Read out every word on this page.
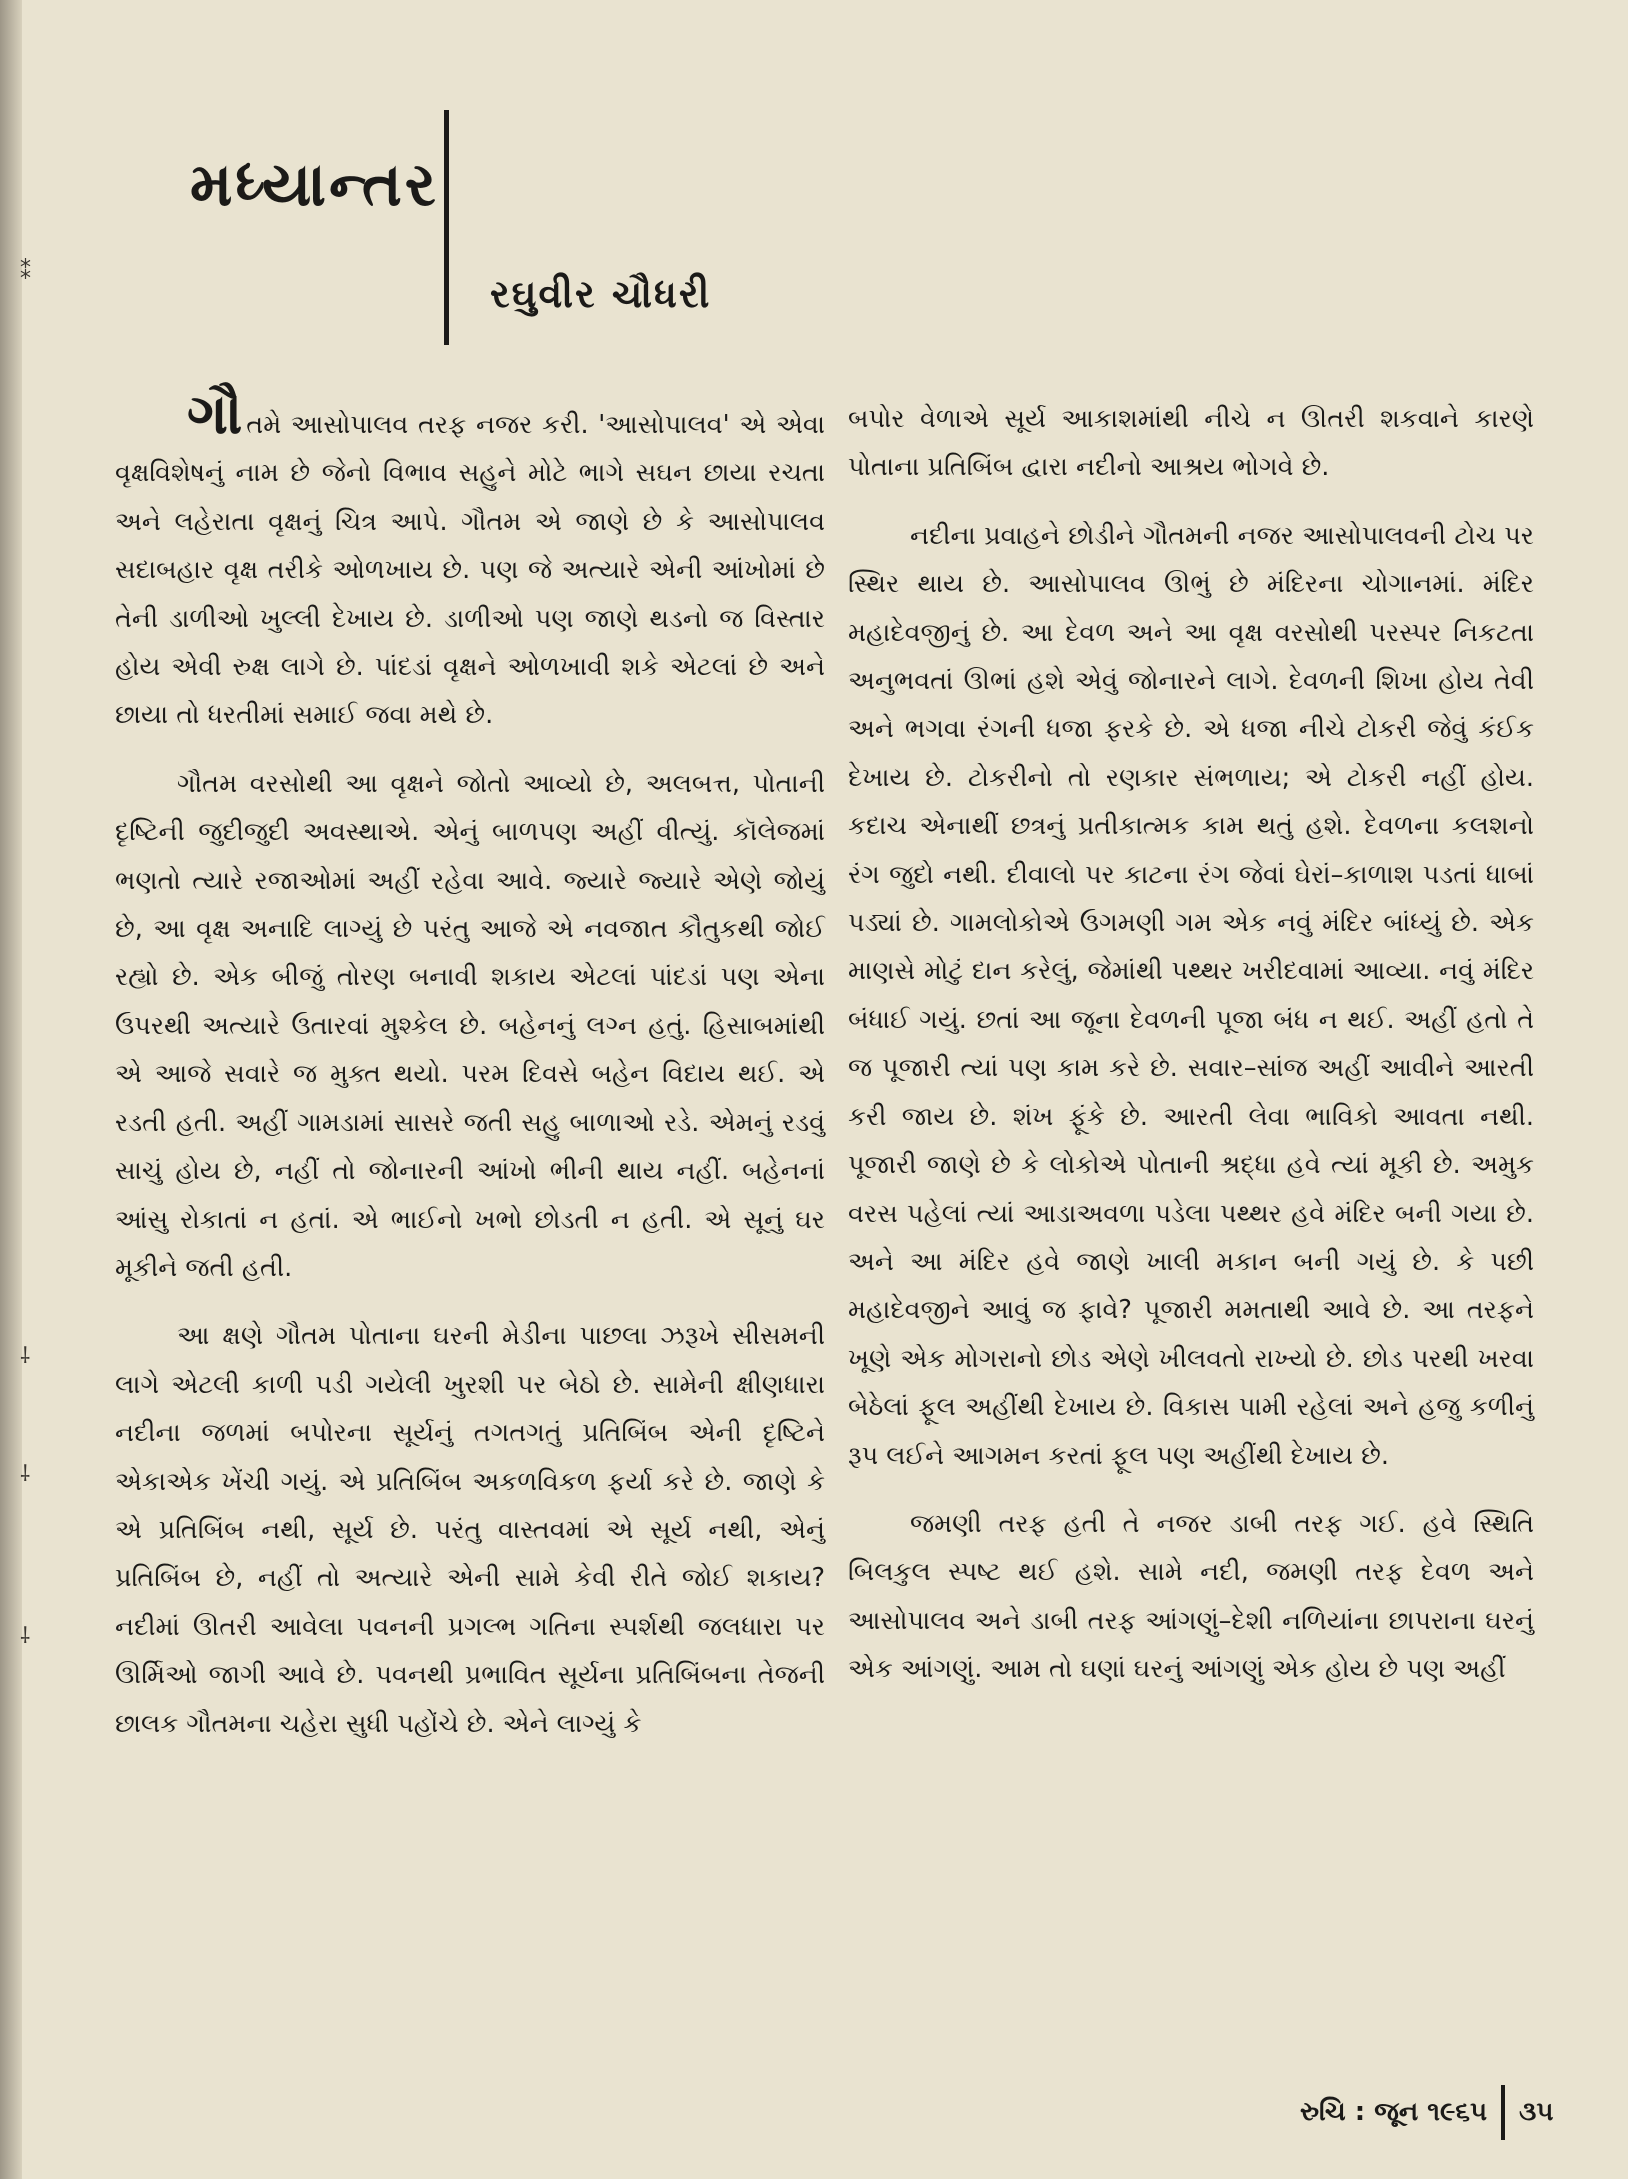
⁑
⸸
⸸
⸸
મધ્યાન્તર
રઘુવીર ચૌધરી

ગૌતમે આસોપાલવ તરફ નજર કરી. 'આસોપાલવ' એ એવા વૃક્ષવિશેષનું નામ છે જેનો વિભાવ સહુને મોટે ભાગે સઘન છાયા રચતા અને લહેરાતા વૃક્ષનું ચિત્ર આપે. ગૌતમ એ જાણે છે કે આસોપાલવ સદાબહાર વૃક્ષ તરીકે ઓળખાય છે. પણ જે અત્યારે એની આંખોમાં છે તેની ડાળીઓ ખુલ્લી દેખાય છે. ડાળીઓ પણ જાણે થડનો જ વિસ્તાર હોય એવી રુક્ષ લાગે છે. પાંદડાં વૃક્ષને ઓળખાવી શકે એટલાં છે અને છાયા તો ધરતીમાં સમાઈ જવા મથે છે.

ગૌતમ વરસોથી આ વૃક્ષને જોતો આવ્યો છે, અલબત્ત, પોતાની દૃષ્ટિની જુદીજુદી અવસ્થાએ. એનું બાળપણ અહીં વીત્યું. કૉલેજમાં ભણતો ત્યારે રજાઓમાં અહીં રહેવા આવે. જ્યારે જ્યારે એણે જોયું છે, આ વૃક્ષ અનાદિ લાગ્યું છે પરંતુ આજે એ નવજાત કૌતુકથી જોઈ રહ્યો છે. એક બીજું તોરણ બનાવી શકાય એટલાં પાંદડાં પણ એના ઉપરથી અત્યારે ઉતારવાં મુશ્કેલ છે. બહેનનું લગ્ન હતું. હિસાબમાંથી એ આજે સવારે જ મુક્ત થયો. પરમ દિવસે બહેન વિદાય થઈ. એ રડતી હતી. અહીં ગામડામાં સાસરે જતી સહુ બાળાઓ રડે. એમનું રડવું સાચું હોય છે, નહીં તો જોનારની આંખો ભીની થાય નહીં. બહેનનાં આંસુ રોકાતાં ન હતાં. એ ભાઈનો ખભો છોડતી ન હતી. એ સૂનું ઘર મૂકીને જતી હતી.

આ ક્ષણે ગૌતમ પોતાના ઘરની મેડીના પાછલા ઝરૂખે સીસમની લાગે એટલી કાળી પડી ગયેલી ખુરશી પર બેઠો છે. સામેની ક્ષીણધારા નદીના જળમાં બપોરના સૂર્યનું તગતગતું પ્રતિબિંબ એની દૃષ્ટિને એકાએક ખેંચી ગયું. એ પ્રતિબિંબ અકળવિકળ ફર્યા કરે છે. જાણે કે એ પ્રતિબિંબ નથી, સૂર્ય છે. પરંતુ વાસ્તવમાં એ સૂર્ય નથી, એનું પ્રતિબિંબ છે, નહીં તો અત્યારે એની સામે કેવી રીતે જોઈ શકાય? નદીમાં ઊતરી આવેલા પવનની પ્રગલ્ભ ગતિના સ્પર્શથી જલધારા પર ઊર્મિઓ જાગી આવે છે. પવનથી પ્રભાવિત સૂર્યના પ્રતિબિંબના તેજની છાલક ગૌતમના ચહેરા સુધી પહોંચે છે. એને લાગ્યું કે

બપોર વેળાએ સૂર્ય આકાશમાંથી નીચે ન ઊતરી શકવાને કારણે પોતાના પ્રતિબિંબ દ્વારા નદીનો આશ્રય ભોગવે છે.

નદીના પ્રવાહને છોડીને ગૌતમની નજર આસોપાલવની ટોચ પર સ્થિર થાય છે. આસોપાલવ ઊભું છે મંદિરના ચોગાનમાં. મંદિર મહાદેવજીનું છે. આ દેવળ અને આ વૃક્ષ વરસોથી પરસ્પર નિકટતા અનુભવતાં ઊભાં હશે એવું જોનારને લાગે. દેવળની શિખા હોય તેવી અને ભગવા રંગની ધજા ફરકે છે. એ ધજા નીચે ટોકરી જેવું કંઈક દેખાય છે. ટોકરીનો તો રણકાર સંભળાય; એ ટોકરી નહીં હોય. કદાચ એનાથીં છત્રનું પ્રતીકાત્મક કામ થતું હશે. દેવળના કલશનો રંગ જુદો નથી. દીવાલો પર કાટના રંગ જેવાં ઘેરાં–કાળાશ પડતાં ધાબાં પડ્યાં છે. ગામલોકોએ ઉગમણી ગમ એક નવું મંદિર બાંધ્યું છે. એક માણસે મોટું દાન કરેલું, જેમાંથી પથ્થર ખરીદવામાં આવ્યા. નવું મંદિર બંધાઈ ગયું. છતાં આ જૂના દેવળની પૂજા બંધ ન થઈ. અહીં હતો તે જ પૂજારી ત્યાં પણ કામ કરે છે. સવાર–સાંજ અહીં આવીને આરતી કરી જાય છે. શંખ ફૂંકે છે. આરતી લેવા ભાવિકો આવતા નથી. પૂજારી જાણે છે કે લોકોએ પોતાની શ્રદ્ધા હવે ત્યાં મૂકી છે. અમુક વરસ પહેલાં ત્યાં આડાઅવળા પડેલા પથ્થર હવે મંદિર બની ગયા છે. અને આ મંદિર હવે જાણે ખાલી મકાન બની ગયું છે. કે પછી મહાદેવજીને આવું જ ફાવે? પૂજારી મમતાથી આવે છે. આ તરફને ખૂણે એક મોગરાનો છોડ એણે ખીલવતો રાખ્યો છે. છોડ પરથી ખરવા બેઠેલાં ફૂલ અહીંથી દેખાય છે. વિકાસ પામી રહેલાં અને હજુ કળીનું રૂપ લઈને આગમન કરતાં ફૂલ પણ અહીંથી દેખાય છે.

જમણી તરફ હતી તે નજર ડાબી તરફ ગઈ. હવે સ્થિતિ બિલકુલ સ્પષ્ટ થઈ હશે. સામે નદી, જમણી તરફ દેવળ અને આસોપાલવ અને ડાબી તરફ આંગણું–દેશી નળિયાંના છાપરાના ઘરનું એક આંગણું. આમ તો ઘણાં ઘરનું આંગણું એક હોય છે પણ અહીં

રુચિ : જૂન ૧૯૬૫ ૩૫
